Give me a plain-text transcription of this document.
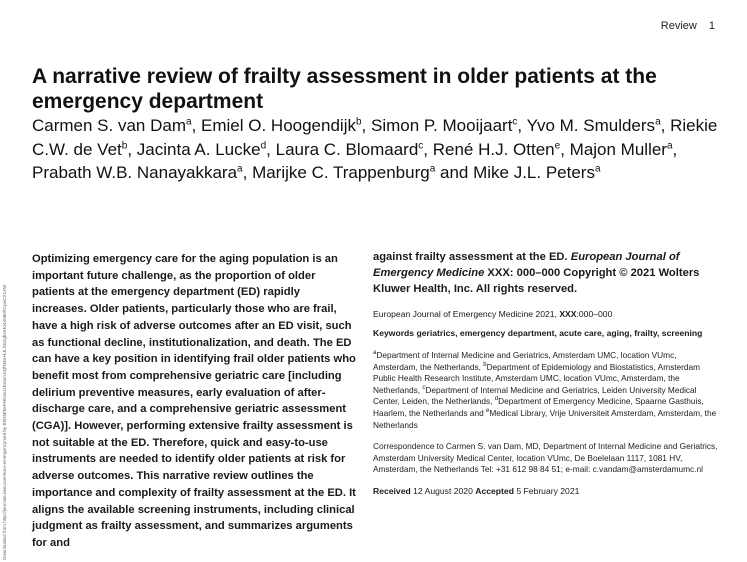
Review 1
A narrative review of frailty assessment in older patients at the emergency department
Carmen S. van Dam$^a$, Emiel O. Hoogendijk$^b$, Simon P. Mooijaart$^c$, Yvo M. Smulders$^a$, Riekie C.W. de Vet$^b$, Jacinta A. Lucke$^d$, Laura C. Blomaard$^c$, René H.J. Otten$^e$, Majon Muller$^a$, Prabath W.B. Nanayakkara$^a$, Marijke C. Trappenburg$^a$ and Mike J.L. Peters$^a$
Downloaded from http://journals.lww.com/euro-emergencymed by BhDMf5ePHKav1zEoum1tQfN4a+kJLhEZgbsIHo4XMi0hCywCX1AW

Optimizing emergency care for the aging population is an important future challenge, as the proportion of older patients at the emergency department (ED) rapidly increases. Older patients, particularly those who are frail, have a high risk of adverse outcomes after an ED visit, such as functional decline, institutionalization, and death. The ED can have a key position in identifying frail older patients who benefit most from comprehensive geriatric care [including delirium preventive measures, early evaluation of after-discharge care, and a comprehensive geriatric assessment (CGA)]. However, performing extensive frailty assessment is not suitable at the ED. Therefore, quick and easy-to-use instruments are needed to identify older patients at risk for adverse outcomes. This narrative review outlines the importance and complexity of frailty assessment at the ED. It aligns the available screening instruments, including clinical judgment as frailty assessment, and summarizes arguments for and

against frailty assessment at the ED. European Journal of Emergency Medicine XXX: 000–000 Copyright © 2021 Wolters Kluwer Health, Inc. All rights reserved.
European Journal of Emergency Medicine 2021, XXX:000–000
Keywords geriatrics, emergency department, acute care, aging, frailty, screening
$^a$Department of Internal Medicine and Geriatrics, Amsterdam UMC, location VUmc, Amsterdam, the Netherlands, $^b$Department of Epidemiology and Biostatistics, Amsterdam Public Health Research Institute, Amsterdam UMC, location VUmc, Amsterdam, the Netherlands, $^c$Department of Internal Medicine and Geriatrics, Leiden University Medical Center, Leiden, the Netherlands, $^d$Department of Emergency Medicine, Spaarne Gasthuis, Haarlem, the Netherlands and $^e$Medical Library, Vrije Universiteit Amsterdam, Amsterdam, the Netherlands
Correspondence to Carmen S. van Dam, MD, Department of Internal Medicine and Geriatrics, Amsterdam University Medical Center, location VUmc, De Boelelaan 1117, 1081 HV, Amsterdam, the Netherlands Tel: +31 612 98 84 51; e-mail: c.vandam@amsterdamumc.nl
Received 12 August 2020 Accepted 5 February 2021
